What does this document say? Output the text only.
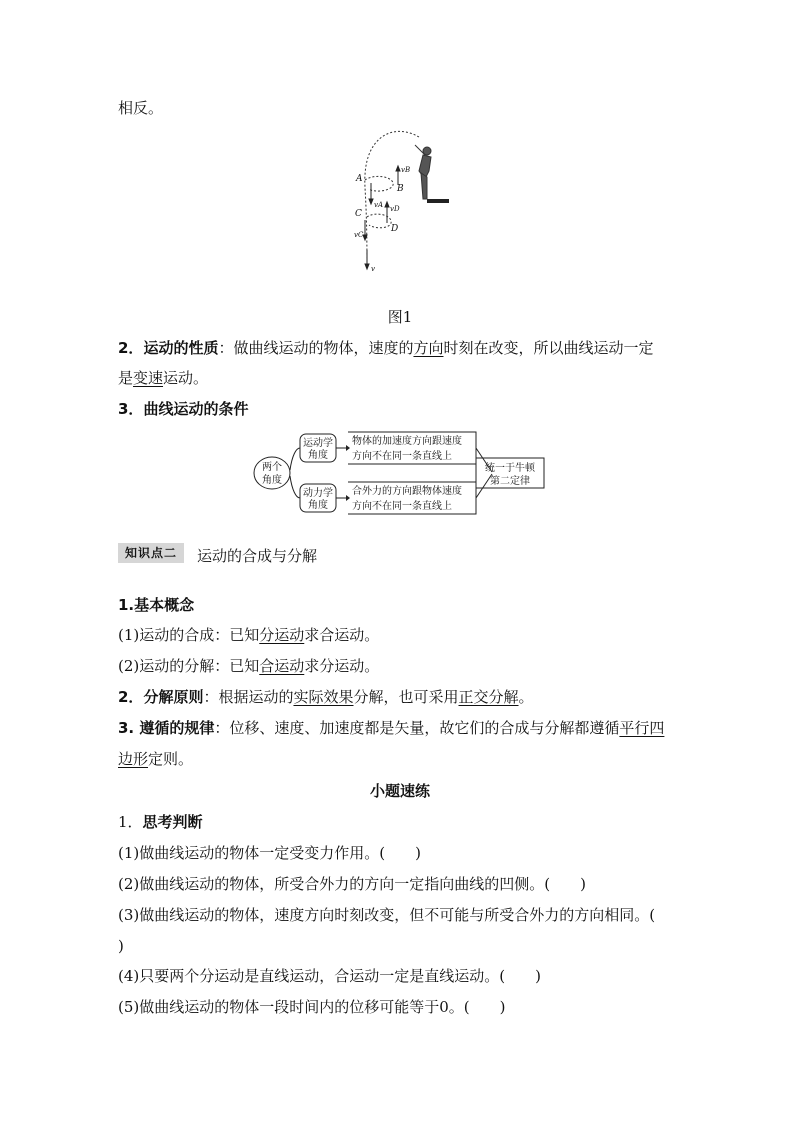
相反。
A
B
C
D
vB
vA vD
vC
v
图1
2．运动的性质：做曲线运动的物体，速度的方向时刻在改变，所以曲线运动一定
是变速运动。
3．曲线运动的条件
两个
角度
运动学
角度
动力学
角度
物体的加速度方向跟速度
方向不在同一条直线上
合外力的方向跟物体速度
方向不在同一条直线上
统一于牛顿
第二定律
知识点二	运动的合成与分解
1.基本概念
(1)运动的合成：已知分运动求合运动。
(2)运动的分解：已知合运动求分运动。
2．分解原则：根据运动的实际效果分解，也可采用正交分解。
3. 遵循的规律：位移、速度、加速度都是矢量，故它们的合成与分解都遵循平行四
边形定则。
小题速练
1．思考判断
(1)做曲线运动的物体一定受变力作用。(　　)
(2)做曲线运动的物体，所受合外力的方向一定指向曲线的凹侧。(　　)
(3)做曲线运动的物体，速度方向时刻改变，但不可能与所受合外力的方向相同。(
)
(4)只要两个分运动是直线运动，合运动一定是直线运动。(　　)
(5)做曲线运动的物体一段时间内的位移可能等于0。(　　)
